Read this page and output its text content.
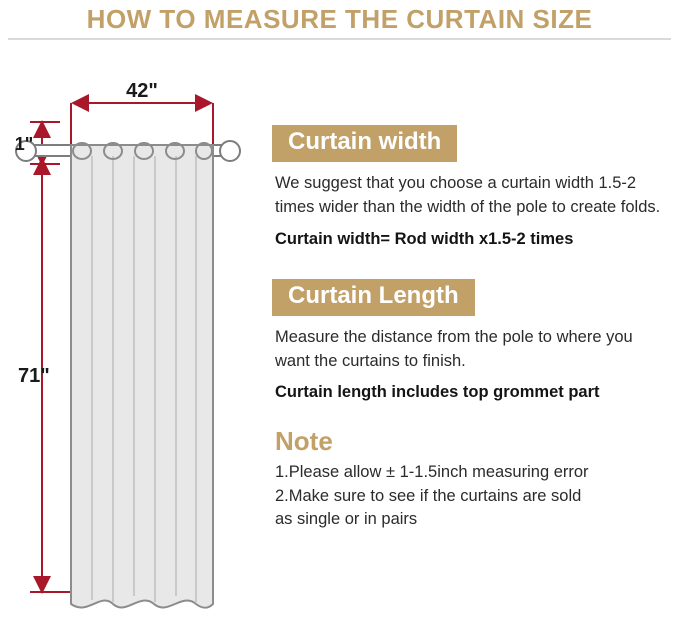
HOW TO MEASURE THE CURTAIN SIZE
42"
1"
71"
Curtain width

We suggest that you choose a curtain width 1.5-2 times wider than the width of the pole to create folds.

Curtain width= Rod width x1.5-2 times

Curtain Length

Measure the distance from the pole to where you want the curtains to finish.

Curtain length includes top grommet part

Note

1.Please allow ± 1-1.5inch measuring error

2.Make sure to see if the curtains are sold

as single or in pairs
